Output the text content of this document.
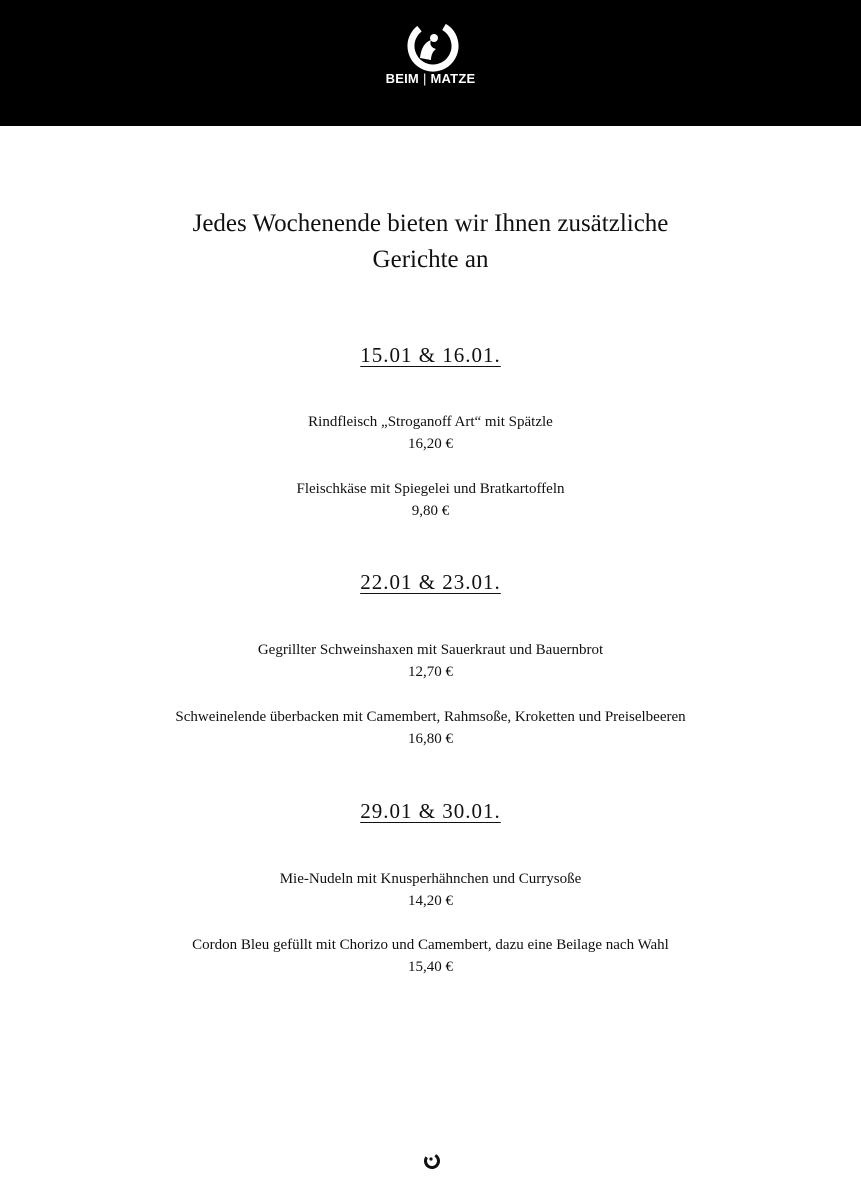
BEIM | MATZE
Jedes Wochenende bieten wir Ihnen zusätzliche
Gerichte an
15.01 & 16.01.
Rindfleisch „Stroganoff Art“ mit Spätzle
16,20 €
Fleischkäse mit Spiegelei und Bratkartoffeln
9,80 €
22.01 & 23.01.
Gegrillter Schweinshaxen mit Sauerkraut und Bauernbrot
12,70 €
Schweinelende überbacken mit Camembert, Rahmsoße, Kroketten und Preiselbeeren
16,80 €
29.01 & 30.01.
Mie-Nudeln mit Knusperhähnchen und Currysoße
14,20 €
Cordon Bleu gefüllt mit Chorizo und Camembert, dazu eine Beilage nach Wahl
15,40 €
